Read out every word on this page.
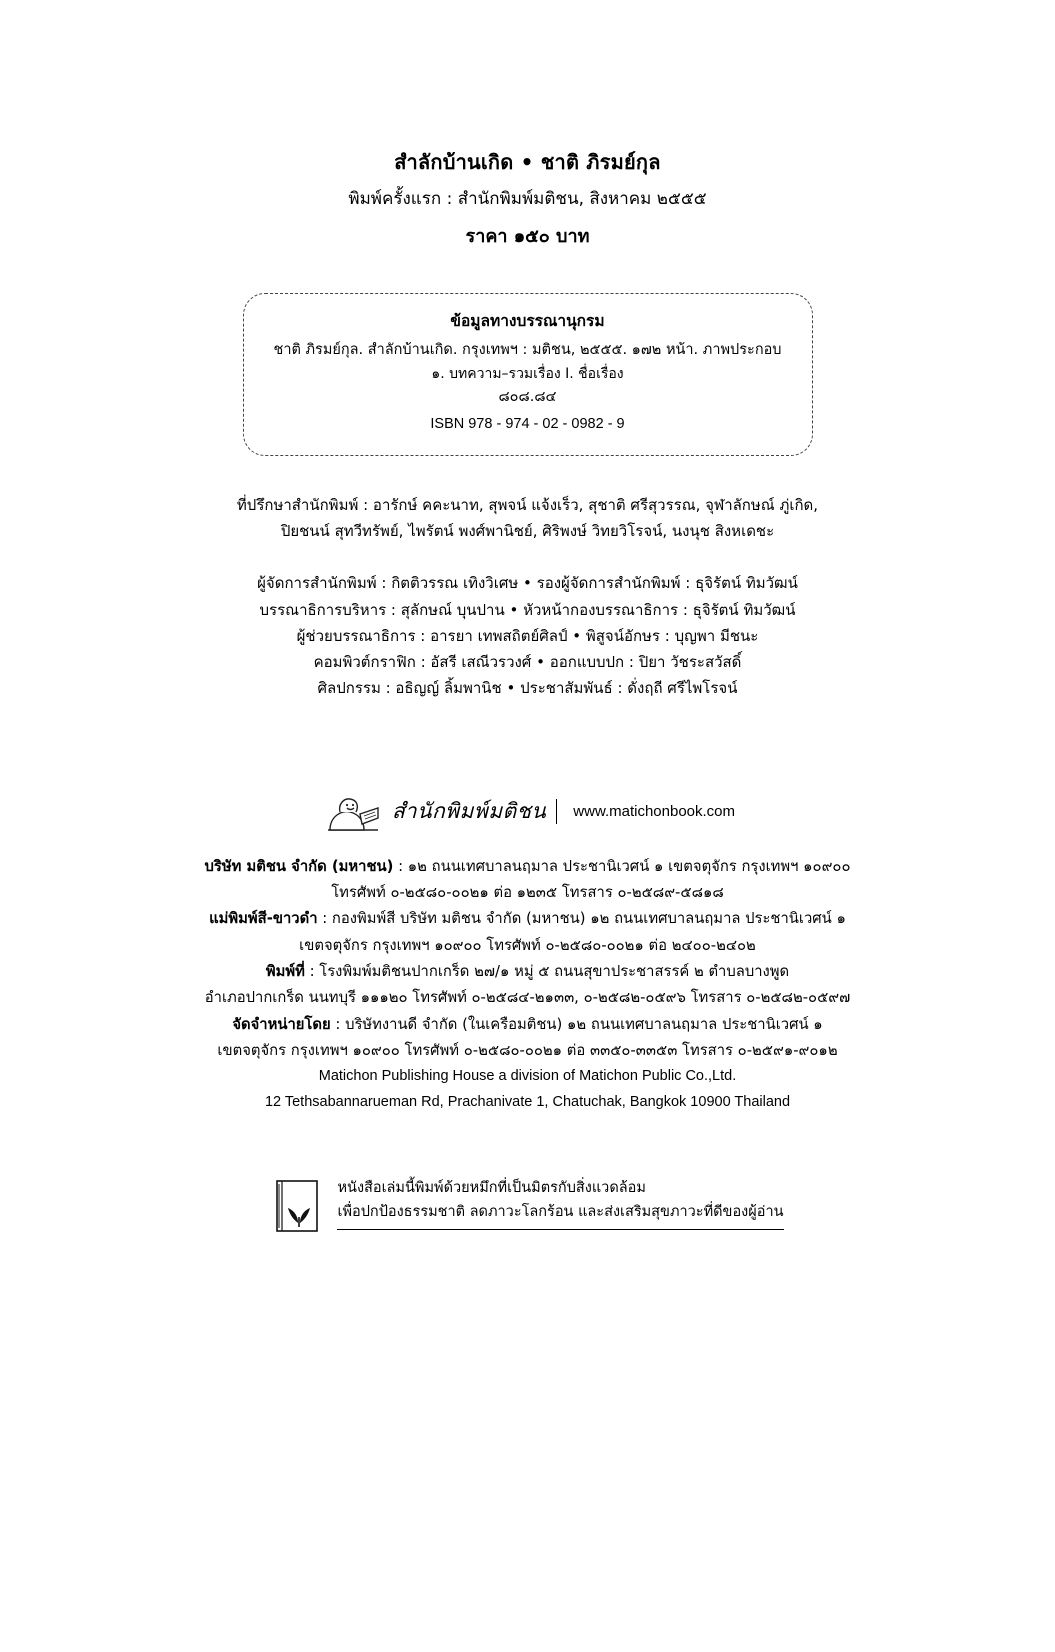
สำลักบ้านเกิด • ชาติ ภิรมย์กุล
พิมพ์ครั้งแรก : สำนักพิมพ์มติชน, สิงหาคม ๒๕๕๕
ราคา ๑๕๐ บาท
ข้อมูลทางบรรณานุกรม
ชาติ ภิรมย์กุล. สำลักบ้านเกิด. กรุงเทพฯ : มติชน, ๒๕๕๕. ๑๗๒ หน้า. ภาพประกอบ
๑. บทความ–รวมเรื่อง I. ชื่อเรื่อง
๘๐๘.๘๔
ISBN 978 - 974 - 02 - 0982 - 9
ที่ปรึกษาสำนักพิมพ์ : อารักษ์ คคะนาท, สุพจน์ แจ้งเร็ว, สุชาติ ศรีสุวรรณ, จุฬาลักษณ์ ภู่เกิด,
ปิยชนน์ สุทวีทรัพย์, ไพรัตน์ พงศ์พานิชย์, ศิริพงษ์ วิทยวิโรจน์, นงนุช สิงหเดชะ
ผู้จัดการสำนักพิมพ์ : กิตติวรรณ เทิงวิเศษ • รองผู้จัดการสำนักพิมพ์ : ธุจิรัตน์ ทิมวัฒน์
บรรณาธิการบริหาร : สุลักษณ์ บุนปาน • หัวหน้ากองบรรณาธิการ : ธุจิรัตน์ ทิมวัฒน์
ผู้ช่วยบรรณาธิการ : อารยา เทพสถิตย์ศิลป์ • พิสูจน์อักษร : บุญพา มีชนะ
คอมพิวต์กราฟิก : อัสรี เสณีวรวงศ์ • ออกแบบปก : ปิยา วัชระสวัสดิ์
ศิลปกรรม : อธิญญ์ ลิ้มพานิช • ประชาสัมพันธ์ : ดั่งฤถี ศรีไพโรจน์
สำนักพิมพ์มติชน	www.matichonbook.com
บริษัท มติชน จำกัด (มหาชน) : ๑๒ ถนนเทศบาลนฤมาล ประชานิเวศน์ ๑ เขตจตุจักร กรุงเทพฯ ๑๐๙๐๐
โทรศัพท์ ๐-๒๕๘๐-๐๐๒๑ ต่อ ๑๒๓๕ โทรสาร ๐-๒๕๘๙-๕๘๑๘
แม่พิมพ์สี-ขาวดำ : กองพิมพ์สี บริษัท มติชน จำกัด (มหาชน) ๑๒ ถนนเทศบาลนฤมาล ประชานิเวศน์ ๑
เขตจตุจักร กรุงเทพฯ ๑๐๙๐๐ โทรศัพท์ ๐-๒๕๘๐-๐๐๒๑ ต่อ ๒๔๐๐-๒๔๐๒
พิมพ์ที่ : โรงพิมพ์มติชนปากเกร็ด ๒๗/๑ หมู่ ๕ ถนนสุขาประชาสรรค์ ๒ ตำบลบางพูด
อำเภอปากเกร็ด นนทบุรี ๑๑๑๒๐ โทรศัพท์ ๐-๒๕๘๔-๒๑๓๓, ๐-๒๕๘๒-๐๕๙๖ โทรสาร ๐-๒๕๘๒-๐๕๙๗
จัดจำหน่ายโดย : บริษัทงานดี จำกัด (ในเครือมติชน) ๑๒ ถนนเทศบาลนฤมาล ประชานิเวศน์ ๑
เขตจตุจักร กรุงเทพฯ ๑๐๙๐๐ โทรศัพท์ ๐-๒๕๘๐-๐๐๒๑ ต่อ ๓๓๕๐-๓๓๕๓ โทรสาร ๐-๒๕๙๑-๙๐๑๒
Matichon Publishing House a division of Matichon Public Co.,Ltd.
12 Tethsabannarueman Rd, Prachanivate 1, Chatuchak, Bangkok 10900 Thailand
หนังสือเล่มนี้พิมพ์ด้วยหมึกที่เป็นมิตรกับสิ่งแวดล้อม
เพื่อปกป้องธรรมชาติ ลดภาวะโลกร้อน และส่งเสริมสุขภาวะที่ดีของผู้อ่าน
